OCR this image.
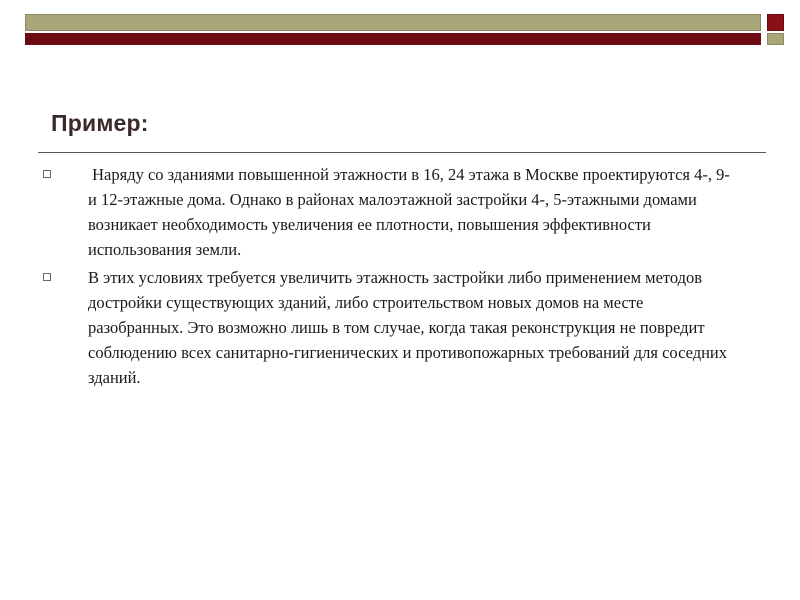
Пример:
Наряду со зданиями повышенной этажности в 16, 24 этажа в Москве проектируются 4-, 9- и 12-этажные дома. Однако в районах малоэтажной застройки 4-, 5-этажными домами возникает необходимость увеличения ее плотности, повышения эффективности использования земли.
В этих условиях требуется увеличить этажность застройки либо применением методов достройки существующих зданий, либо строительством новых домов на месте разобранных. Это возможно лишь в том случае, когда такая реконструкция не повредит соблюдению всех санитарно-гигиенических и противопожарных требований для соседних зданий.
